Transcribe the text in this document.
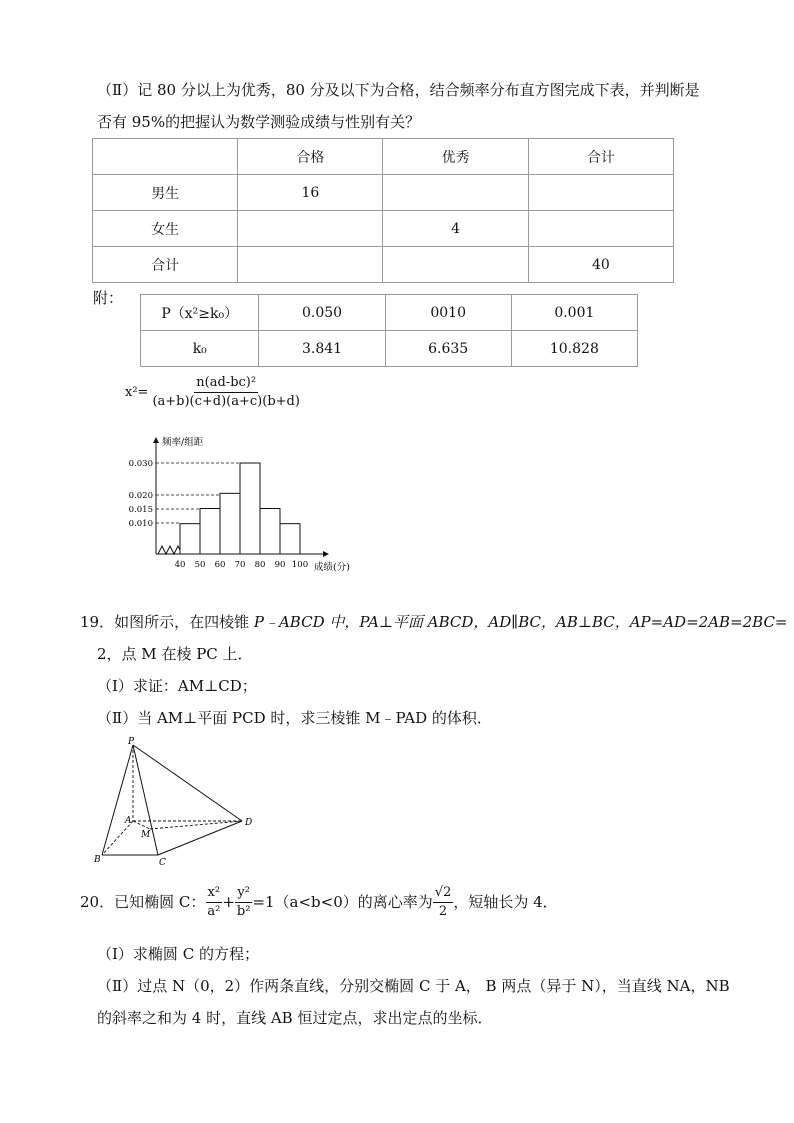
（Ⅱ）记 80 分以上为优秀，80 分及以下为合格，结合频率分布直方图完成下表，并判断是
否有 95%的把握认为数学测验成绩与性别有关？
	合格	优秀	合计
男生	16		
女生		4	
合计			40
附：
P（x²≥k₀）	0.050	0010	0.001
k₀	3.841	6.635	10.828
$x^2= \frac{\text{n(ad-bc)²}}{(a+b)(c+d)(a+c)(b+d)}$
0.030
0.020
0.015
0.010
40 50 60 70 80 90 100
频率/组距
成绩(分)
19．如图所示，在四棱锥 P﹣ABCD 中，PA⊥平面 ABCD，AD∥BC，AB⊥BC，AP=AD=2AB=2BC=
2，点 M 在棱 PC 上．
（Ⅰ）求证：AM⊥CD；
（Ⅱ）当 AM⊥平面 PCD 时，求三棱锥 M﹣PAD 的体积．
P
A
M
D
B	C
20．已知椭圆 C： $\frac{\text{x²}}{\text{a²}} + \frac{\text{y²}}{\text{b²}} =1(a<b<0)$的离心率为 $\frac{√2}{2}$ ，短轴长为 4．
（Ⅰ）求椭圆 C 的方程；
（Ⅱ）过点 N（0，2）作两条直线，分别交椭圆 C 于 A， B 两点（异于 N），当直线 NA，NB
的斜率之和为 4 时，直线 AB 恒过定点，求出定点的坐标．
